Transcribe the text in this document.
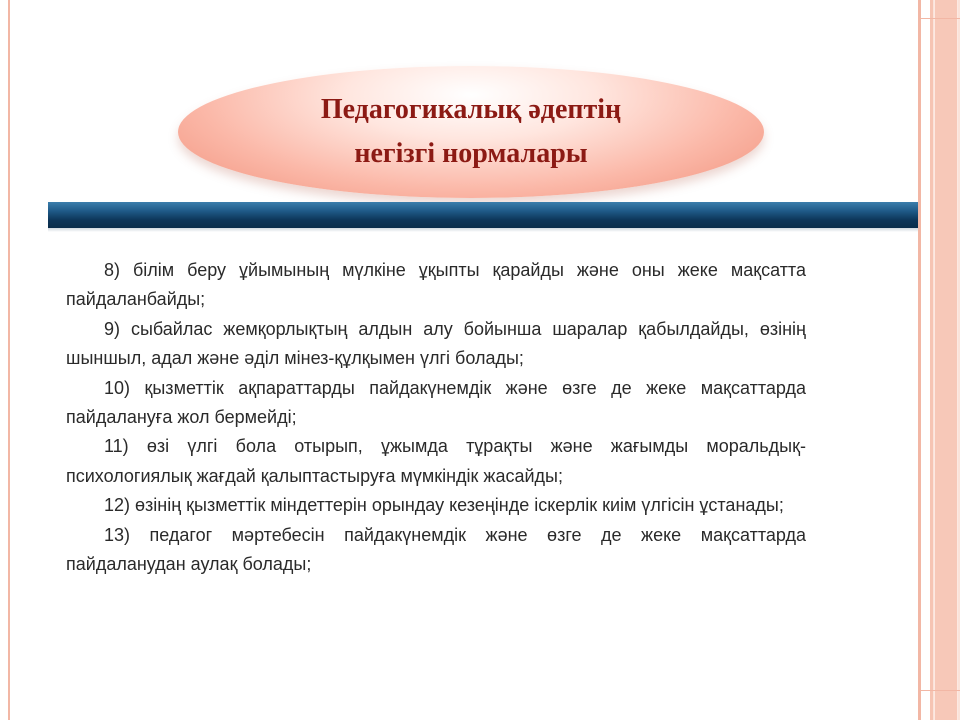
Педагогикалық әдептің
негізгі нормалары

8) білім беру ұйымының мүлкіне ұқыпты қарайды және оны жеке мақсатта пайдаланбайды;

9) сыбайлас жемқорлықтың алдын алу бойынша шаралар қабылдайды, өзінің шыншыл, адал және әділ мінез-құлқымен үлгі болады;

10) қызметтік ақпараттарды пайдакүнемдік және өзге де жеке мақсаттарда пайдалануға жол бермейді;

11) өзі үлгі бола отырып, ұжымда тұрақты және жағымды моральдық-психологиялық жағдай қалыптастыруға мүмкіндік жасайды;

12) өзінің қызметтік міндеттерін орындау кезеңінде іскерлік киім үлгісін ұстанады;

13) педагог мәртебесін пайдакүнемдік және өзге де жеке мақсаттарда пайдаланудан аулақ болады;
